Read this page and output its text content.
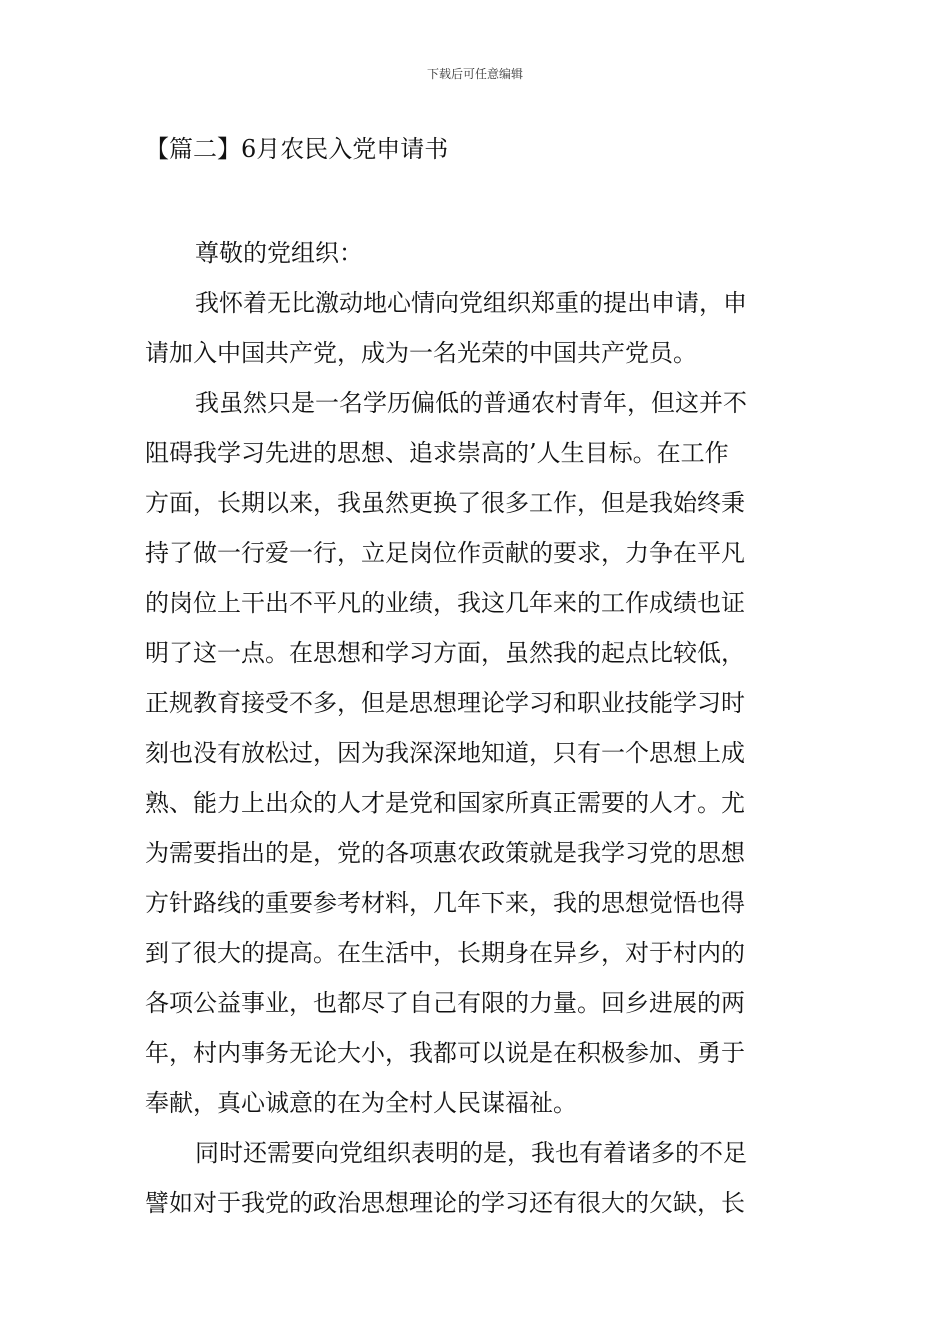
下载后可任意编辑
【篇二】6月农民入党申请书

尊敬的党组织：

我怀着无比激动地心情向党组织郑重的提出申请，申
请加入中国共产党，成为一名光荣的中国共产党员。

我虽然只是一名学历偏低的普通农村青年，但这并不
阻碍我学习先进的思想、追求崇高的’人生目标。在工作
方面，长期以来，我虽然更换了很多工作，但是我始终秉
持了做一行爱一行，立足岗位作贡献的要求，力争在平凡
的岗位上干出不平凡的业绩，我这几年来的工作成绩也证
明了这一点。在思想和学习方面，虽然我的起点比较低，
正规教育接受不多，但是思想理论学习和职业技能学习时
刻也没有放松过，因为我深深地知道，只有一个思想上成
熟、能力上出众的人才是党和国家所真正需要的人才。尤
为需要指出的是，党的各项惠农政策就是我学习党的思想
方针路线的重要参考材料，几年下来，我的思想觉悟也得
到了很大的提高。在生活中，长期身在异乡，对于村内的
各项公益事业，也都尽了自己有限的力量。回乡进展的两
年，村内事务无论大小，我都可以说是在积极参加、勇于
奉献，真心诚意的在为全村人民谋福祉。

同时还需要向党组织表明的是，我也有着诸多的不足
譬如对于我党的政治思想理论的学习还有很大的欠缺，长
